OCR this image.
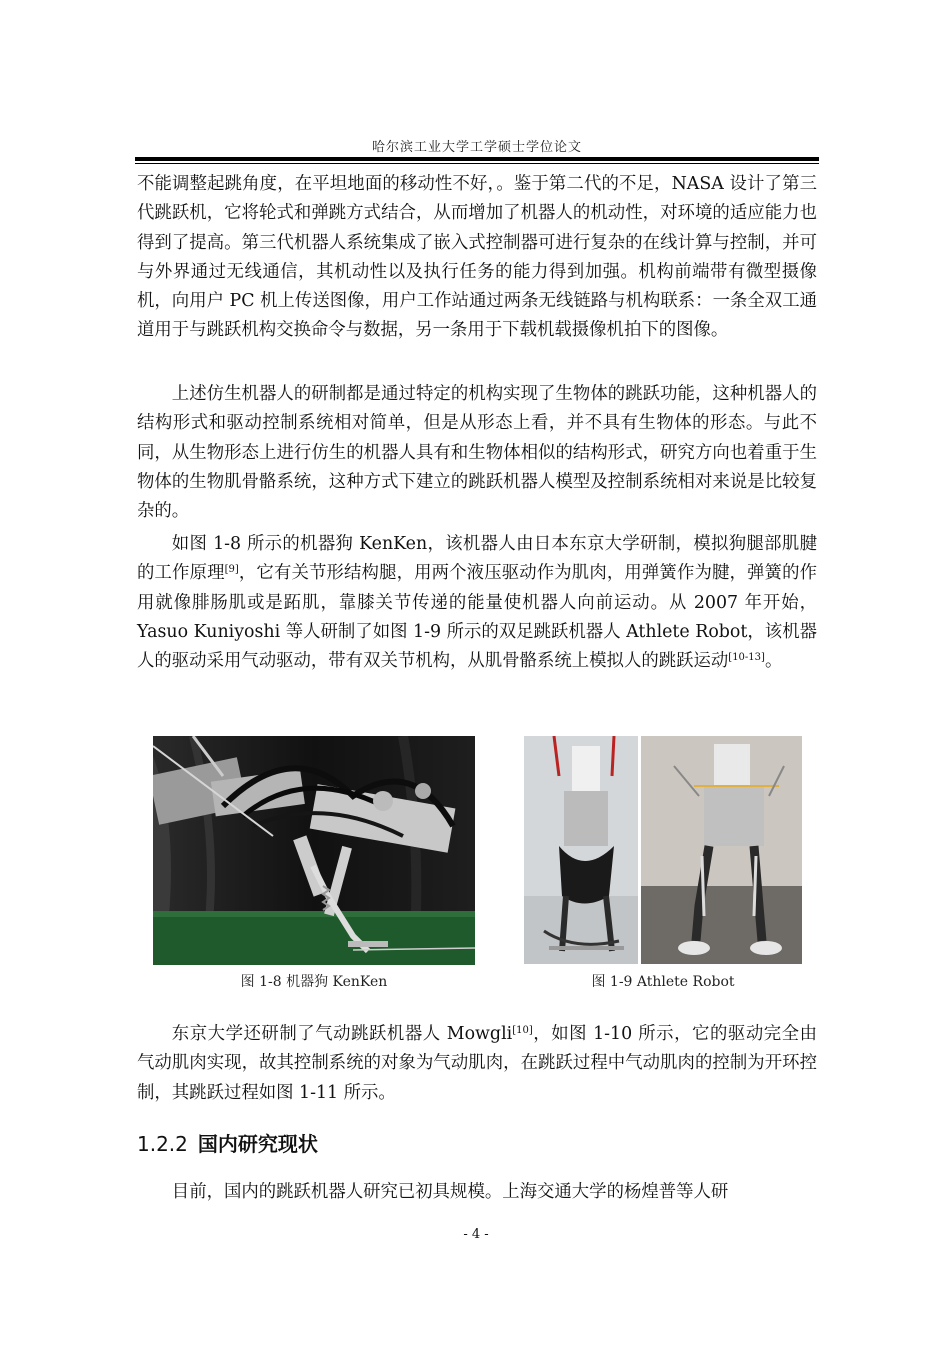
哈尔滨工业大学工学硕士学位论文

不能调整起跳角度，在平坦地面的移动性不好，。鉴于第二代的不足，NASA 设计了第三代跳跃机，它将轮式和弹跳方式结合，从而增加了机器人的机动性，对环境的适应能力也得到了提高。第三代机器人系统集成了嵌入式控制器可进行复杂的在线计算与控制，并可与外界通过无线通信，其机动性以及执行任务的能力得到加强。机构前端带有微型摄像机，向用户 PC 机上传送图像，用户工作站通过两条无线链路与机构联系：一条全双工通道用于与跳跃机构交换命令与数据，另一条用于下载机载摄像机拍下的图像。

上述仿生机器人的研制都是通过特定的机构实现了生物体的跳跃功能，这种机器人的结构形式和驱动控制系统相对简单，但是从形态上看，并不具有生物体的形态。与此不同，从生物形态上进行仿生的机器人具有和生物体相似的结构形式，研究方向也着重于生物体的生物肌骨骼系统，这种方式下建立的跳跃机器人模型及控制系统相对来说是比较复杂的。

如图 1-8 所示的机器狗 KenKen，该机器人由日本东京大学研制，模拟狗腿部肌腱的工作原理[9]，它有关节形结构腿，用两个液压驱动作为肌肉，用弹簧作为腱，弹簧的作用就像腓肠肌或是跖肌，靠膝关节传递的能量使机器人向前运动。从 2007 年开始，Yasuo Kuniyoshi 等人研制了如图 1-9 所示的双足跳跃机器人 Athlete Robot，该机器人的驱动采用气动驱动，带有双关节机构，从肌骨骼系统上模拟人的跳跃运动[10-13]。

图 1-8 机器狗 KenKen	图 1-9 Athlete Robot

东京大学还研制了气动跳跃机器人 Mowgli[10]，如图 1-10 所示，它的驱动完全由气动肌肉实现，故其控制系统的对象为气动肌肉，在跳跃过程中气动肌肉的控制为开环控制，其跳跃过程如图 1-11 所示。

1.2.2 国内研究现状

目前，国内的跳跃机器人研究已初具规模。上海交通大学的杨煌普等人研

- 4 -
